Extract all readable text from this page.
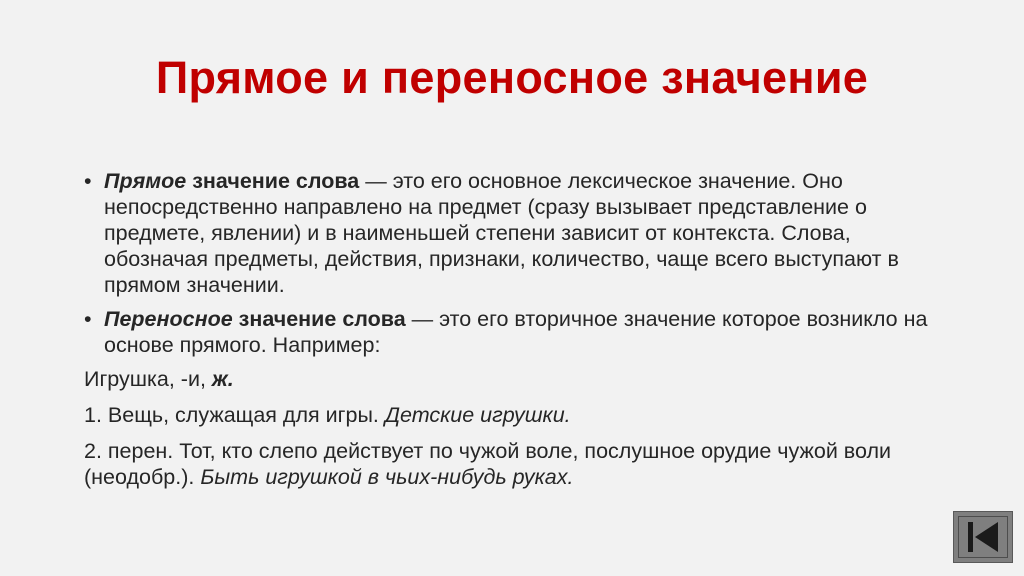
Прямое и переносное значение
• Прямое значение слова — это его основное лексическое значение. Оно непосредственно направлено на предмет (сразу вызывает представление о предмете, явлении) и в наименьшей степени зависит от контекста. Слова, обозначая предметы, действия, признаки, количество, чаще всего выступают в прямом значении.
• Переносное значение слова — это его вторичное значение которое возникло на основе прямого. Например:
Игрушка, -и, ж.
1. Вещь, служащая для игры. Детские игрушки.
2. перен. Тот, кто слепо действует по чужой воле, послушное орудие чужой воли (неодобр.). Быть игрушкой в чьих-нибудь руках.
